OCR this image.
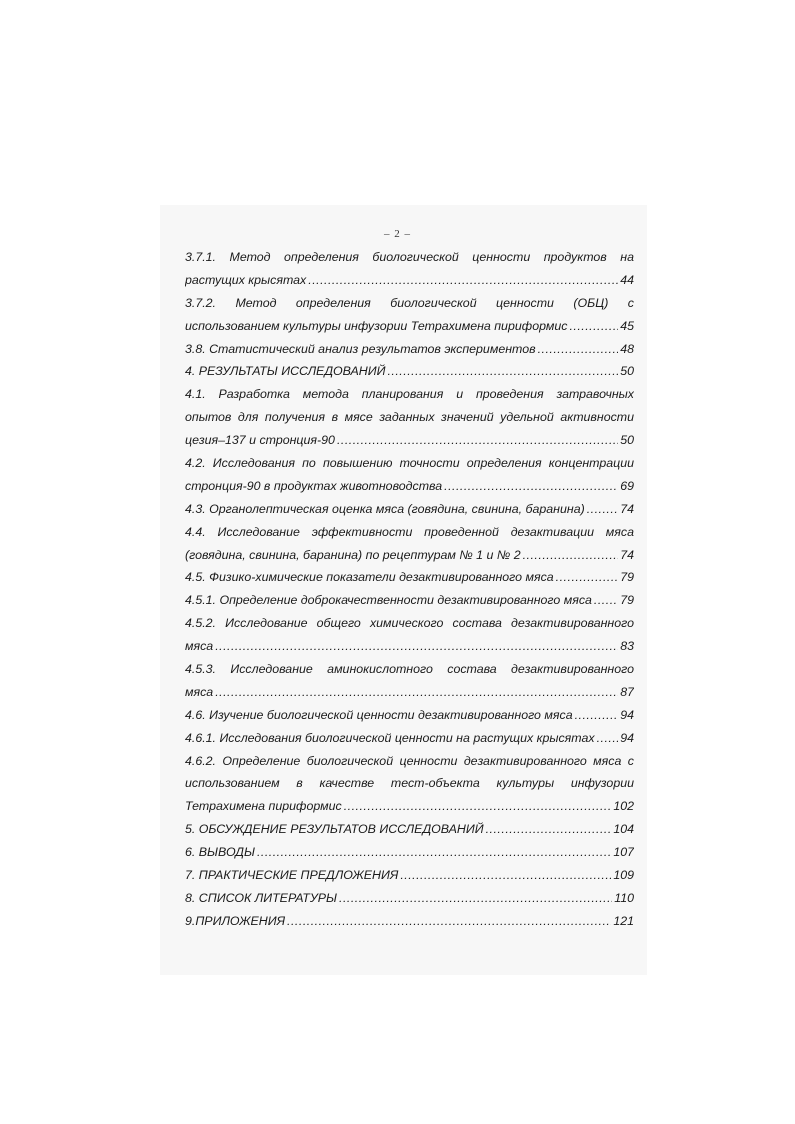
– 2 –
3.7.1. Метод определения биологической ценности продуктов на
растущих крысятах .....	44
3.7.2. Метод определения биологической ценности (ОБЦ) с
использованием культуры инфузории Тетрахимена пириформис .....	45
3.8. Статистический анализ результатов экспериментов .....	48
4. РЕЗУЛЬТАТЫ ИССЛЕДОВАНИЙ .....	50
4.1. Разработка метода планирования и проведения затравочных
опытов для получения в мясе заданных значений удельной активности
цезия–137 и стронция-90 .....	50
4.2. Исследования по повышению точности определения концентрации
стронция-90 в продуктах животноводства .....	69
4.3. Органолептическая оценка мяса (говядина, свинина, баранина) .....	74
4.4. Исследование эффективности проведенной дезактивации мяса
(говядина, свинина, баранина) по рецептурам № 1 и № 2 .....	74
4.5. Физико-химические показатели дезактивированного мяса .....	79
4.5.1. Определение доброкачественности дезактивированного мяса ..... 79
4.5.2. Исследование общего химического состава дезактивированного
мяса .....	83
4.5.3. Исследование аминокислотного состава дезактивированного
мяса .....	87
4.6. Изучение биологической ценности дезактивированного мяса .....	94
4.6.1. Исследования биологической ценности на растущих крысятах ..... 94
4.6.2. Определение биологической ценности дезактивированного мяса с
использованием в качестве тест-объекта культуры инфузории
Тетрахимена пириформис .....	102
5. ОБСУЖДЕНИЕ РЕЗУЛЬТАТОВ ИССЛЕДОВАНИЙ .....	104
6. ВЫВОДЫ .....	107
7. ПРАКТИЧЕСКИЕ ПРЕДЛОЖЕНИЯ .....	109
8. СПИСОК ЛИТЕРАТУРЫ .....	110
9.ПРИЛОЖЕНИЯ .....	121
